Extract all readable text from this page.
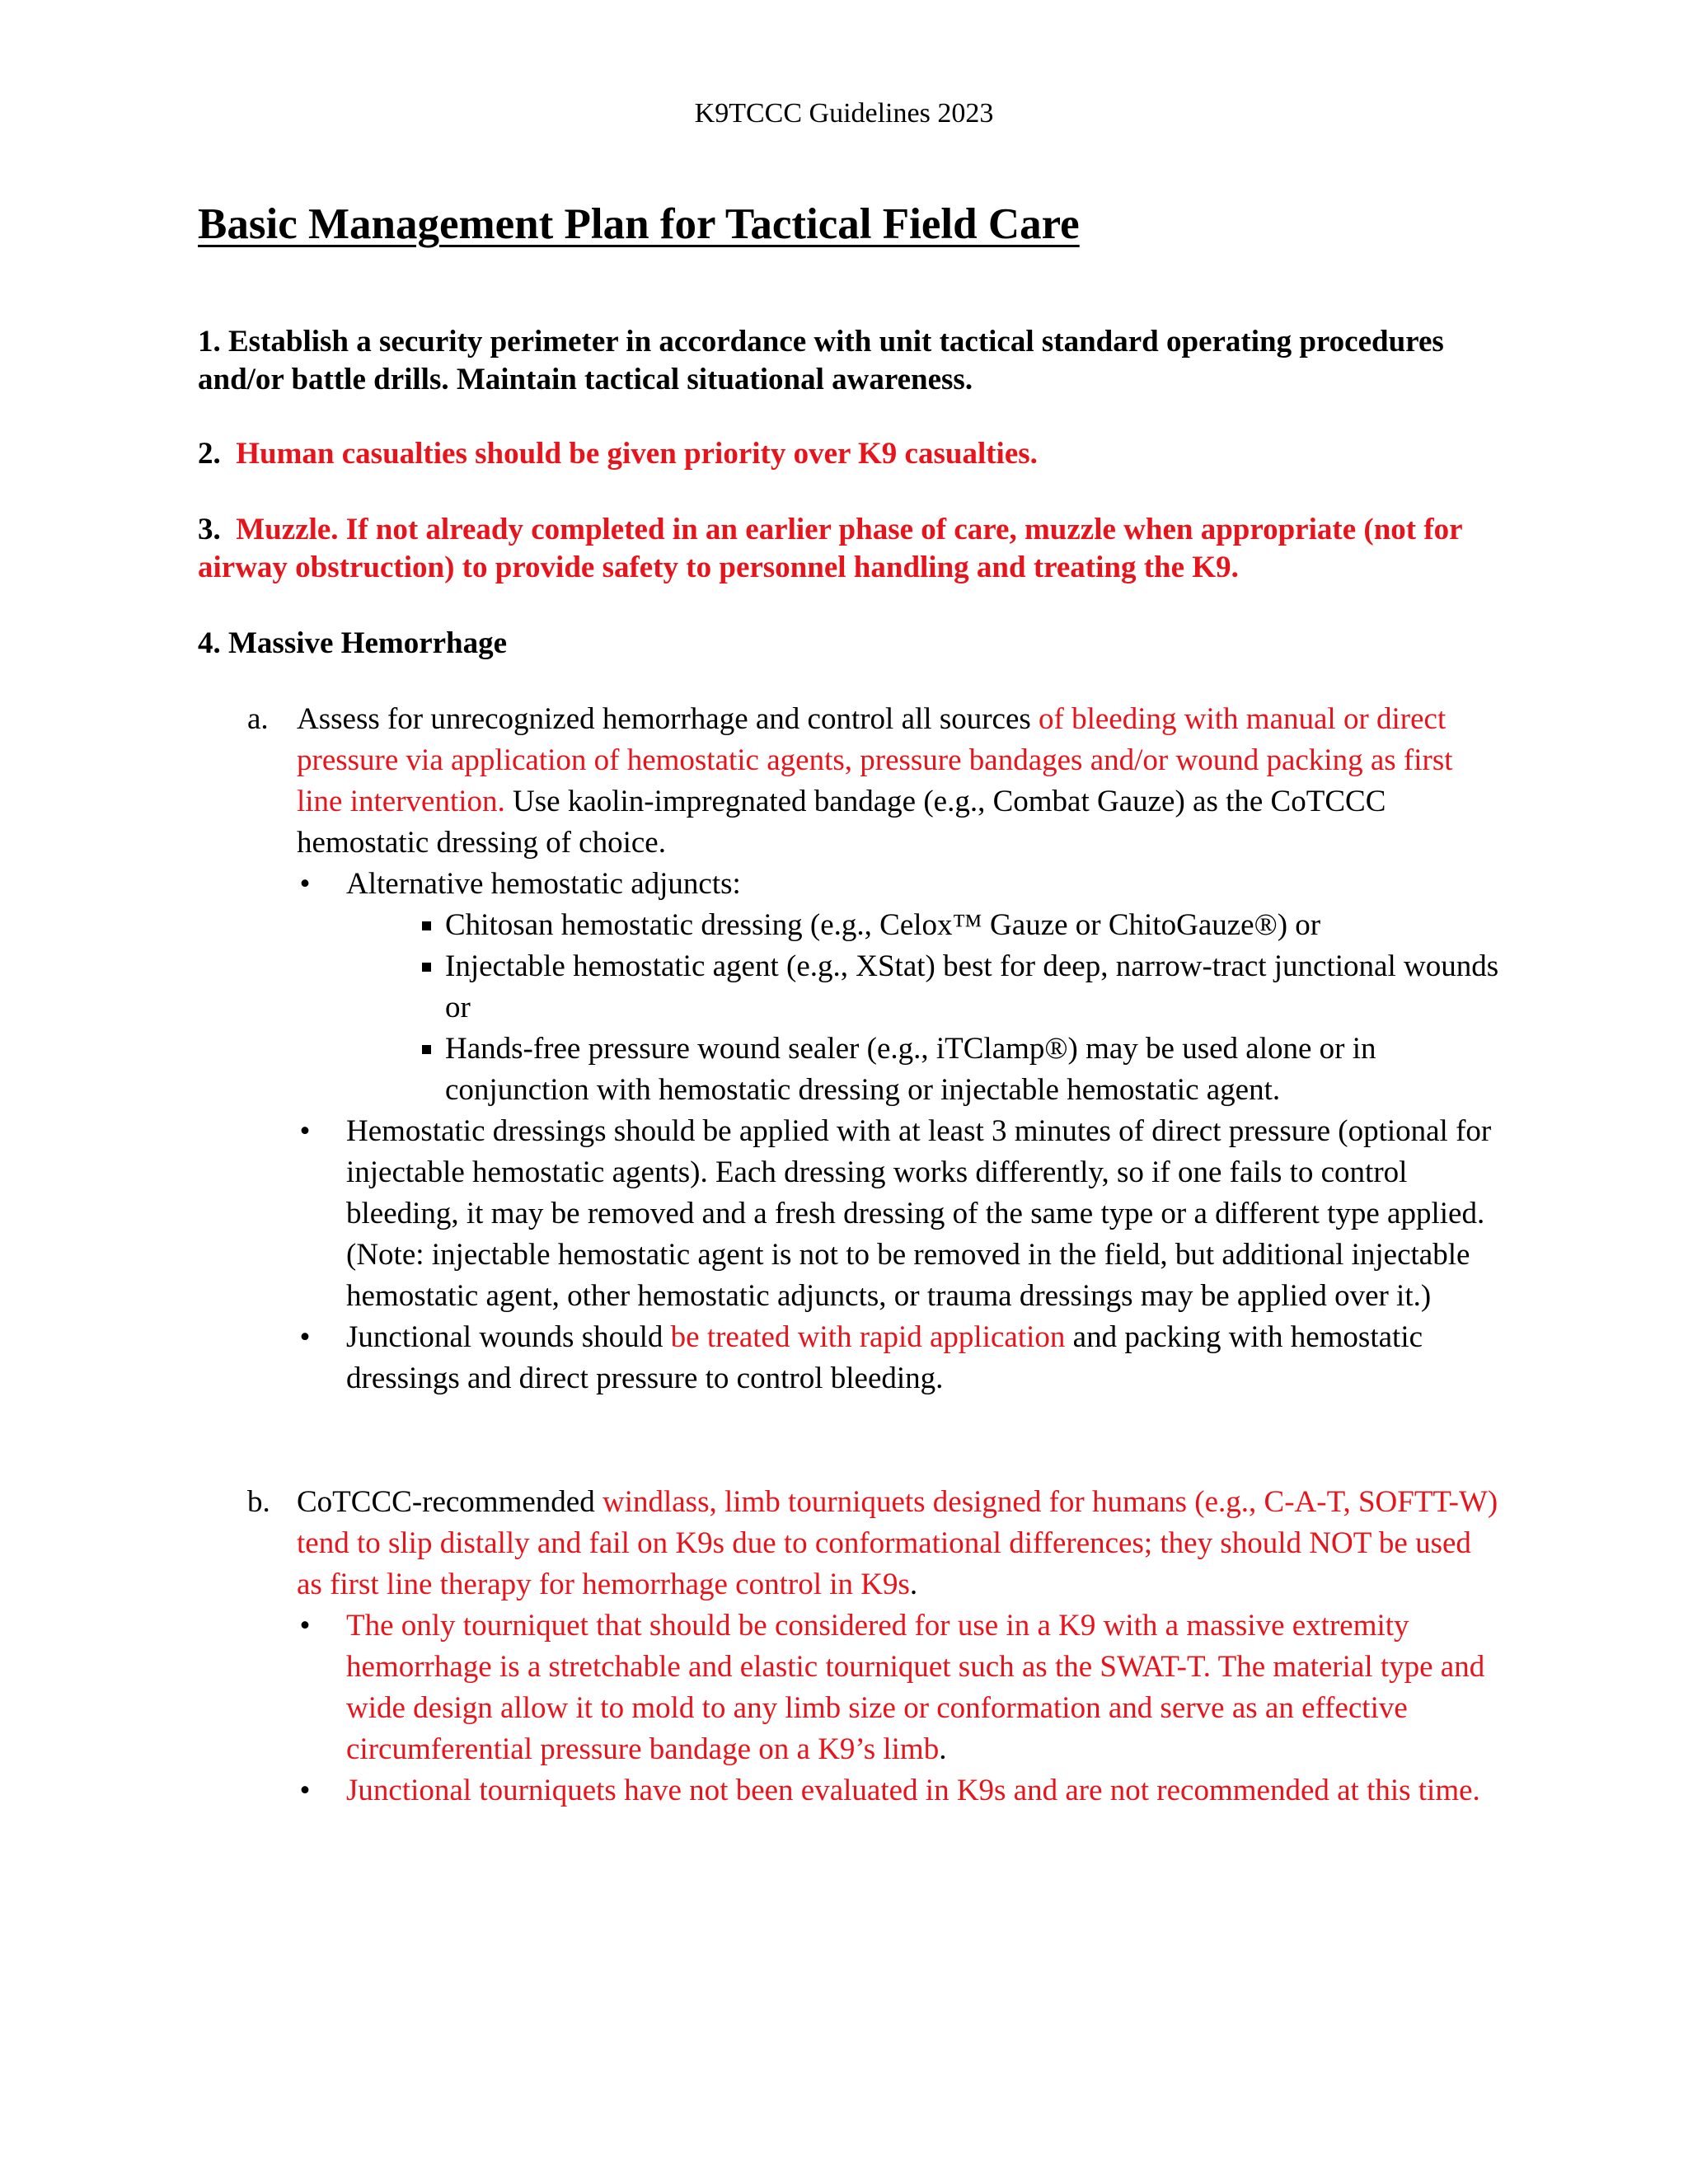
K9TCCC Guidelines 2023
Basic Management Plan for Tactical Field Care
1. Establish a security perimeter in accordance with unit tactical standard operating procedures and/or battle drills. Maintain tactical situational awareness.
2.  Human casualties should be given priority over K9 casualties.
3.  Muzzle. If not already completed in an earlier phase of care, muzzle when appropriate (not for airway obstruction) to provide safety to personnel handling and treating the K9.
4. Massive Hemorrhage
a. Assess for unrecognized hemorrhage and control all sources of bleeding with manual or direct pressure via application of hemostatic agents, pressure bandages and/or wound packing as first line intervention. Use kaolin-impregnated bandage (e.g., Combat Gauze) as the CoTCCC hemostatic dressing of choice.
• Alternative hemostatic adjuncts:
Chitosan hemostatic dressing (e.g., Celox™ Gauze or ChitoGauze®) or
Injectable hemostatic agent (e.g., XStat) best for deep, narrow-tract junctional wounds or
Hands-free pressure wound sealer (e.g., iTClamp®) may be used alone or in conjunction with hemostatic dressing or injectable hemostatic agent.
• Hemostatic dressings should be applied with at least 3 minutes of direct pressure (optional for injectable hemostatic agents). Each dressing works differently, so if one fails to control bleeding, it may be removed and a fresh dressing of the same type or a different type applied. (Note: injectable hemostatic agent is not to be removed in the field, but additional injectable hemostatic agent, other hemostatic adjuncts, or trauma dressings may be applied over it.)
• Junctional wounds should be treated with rapid application and packing with hemostatic dressings and direct pressure to control bleeding.
b. CoTCCC-recommended windlass, limb tourniquets designed for humans (e.g., C-A-T, SOFTT-W) tend to slip distally and fail on K9s due to conformational differences; they should NOT be used as first line therapy for hemorrhage control in K9s.
• The only tourniquet that should be considered for use in a K9 with a massive extremity hemorrhage is a stretchable and elastic tourniquet such as the SWAT-T. The material type and wide design allow it to mold to any limb size or conformation and serve as an effective circumferential pressure bandage on a K9’s limb.
• Junctional tourniquets have not been evaluated in K9s and are not recommended at this time.
